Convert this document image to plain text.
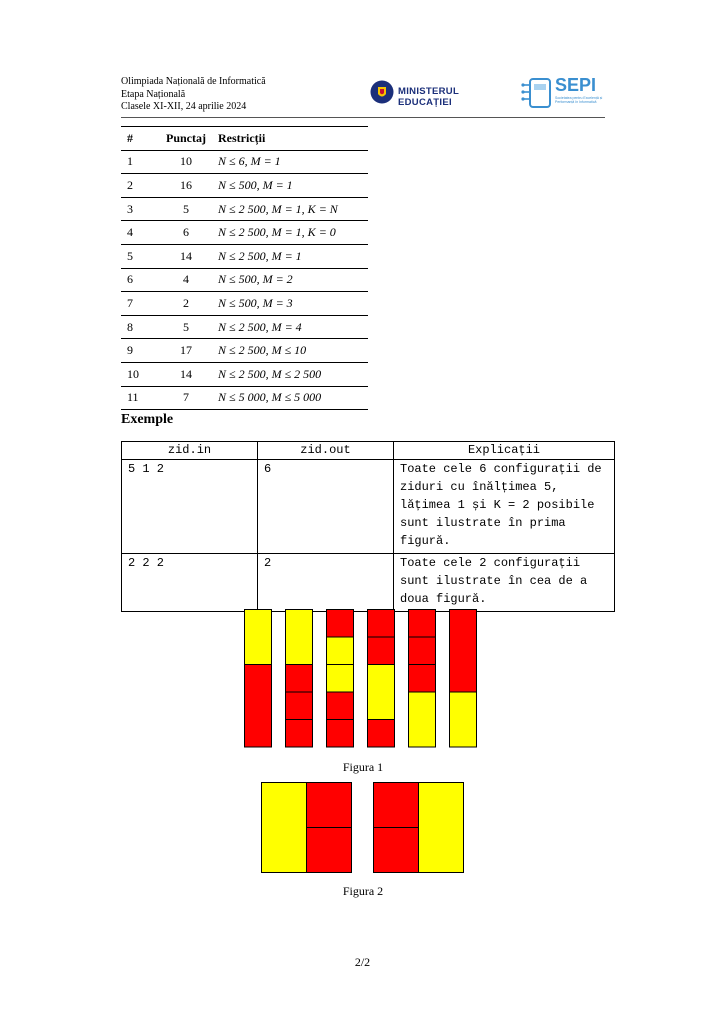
Olimpiada Națională de Informatică
Etapa Națională
Clasele XI-XII, 24 aprilie 2024
MINISTERUL EDUCAȚIEI
SEPI
Societatea pentru Excelență și Performanță în Informatică
#	Punctaj	Restricții
1	10	N ≤ 6, M = 1
2	16	N ≤ 500, M = 1
3	5	N ≤ 2 500, M = 1, K = N
4	6	N ≤ 2 500, M = 1, K = 0
5	14	N ≤ 2 500, M = 1
6	4	N ≤ 500, M = 2
7	2	N ≤ 500, M = 3
8	5	N ≤ 2 500, M = 4
9	17	N ≤ 2 500, M ≤ 10
10	14	N ≤ 2 500, M ≤ 2 500
11	7	N ≤ 5 000, M ≤ 5 000
Exemple
zid.in	zid.out	Explicații
5 1 2	6	Toate cele 6 configurații de ziduri cu înălțimea 5, lățimea 1 și K = 2 posibile sunt ilustrate în prima figură.
2 2 2	2	Toate cele 2 configurații sunt ilustrate în cea de a doua figură.
Figura 1
Figura 2
2/2
